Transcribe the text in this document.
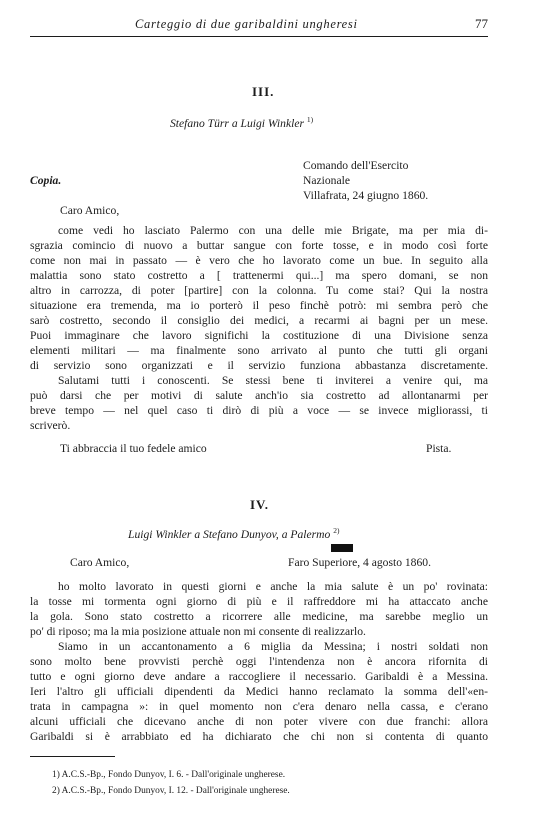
Carteggio di due garibaldini ungheresi	77
III.
Stefano Türr a Luigi Winkler $^{1)}$
Copia.
Comando dell'Esercito
Nazionale
Villafrata, 24 giugno 1860.
Caro Amico,
come vedi ho lasciato Palermo con una delle mie Brigate, ma per mia di-
sgrazia comincio di nuovo a buttar sangue con forte tosse, e in modo così forte
come non mai in passato — è vero che ho lavorato come un bue. In seguito alla
malattia sono stato costretto a [ trattenermi qui...] ma spero domani, se non
altro in carrozza, di poter [partire] con la colonna. Tu come stai? Qui la nostra
situazione era tremenda, ma io porterò il peso finchè potrò: mi sembra però che
sarò costretto, secondo il consiglio dei medici, a recarmi ai bagni per un mese.
Puoi immaginare che lavoro significhi la costituzione di una Divisione senza
elementi militari — ma finalmente sono arrivato al punto che tutti gli organi
di servizio sono organizzati e il servizio funziona abbastanza discretamente.
Salutami tutti i conoscenti. Se stessi bene ti inviterei a venire qui, ma
può darsi che per motivi di salute anch'io sia costretto ad allontanarmi per
breve tempo — nel quel caso ti dirò di più a voce — se invece migliorassi, ti
scriverò.
Ti abbraccia il tuo fedele amico	Pista.
IV.
Luigi Winkler a Stefano Dunyov, a Palermo $^{2)}$
Caro Amico,	Faro Superiore, 4 agosto 1860.
ho molto lavorato in questi giorni e anche la mia salute è un po' rovinata:
la tosse mi tormenta ogni giorno di più e il raffreddore mi ha attaccato anche
la gola. Sono stato costretto a ricorrere alle medicine, ma sarebbe meglio un
po' di riposo; ma la mia posizione attuale non mi consente di realizzarlo.
Siamo in un accantonamento a 6 miglia da Messina; i nostri soldati non
sono molto bene provvisti perchè oggi l'intendenza non è ancora rifornita di
tutto e ogni giorno deve andare a raccogliere il necessario. Garibaldi è a Messina.
Ieri l'altro gli ufficiali dipendenti da Medici hanno reclamato la somma dell'«en-
trata in campagna »: in quel momento non c'era denaro nella cassa, e c'erano
alcuni ufficiali che dicevano anche di non poter vivere con due franchi: allora
Garibaldi si è arrabbiato ed ha dichiarato che chi non si contenta di quanto
1) A.C.S.-Bp., Fondo Dunyov, I. 6. - Dall'originale ungherese.
2) A.C.S.-Bp., Fondo Dunyov, I. 12. - Dall'originale ungherese.
